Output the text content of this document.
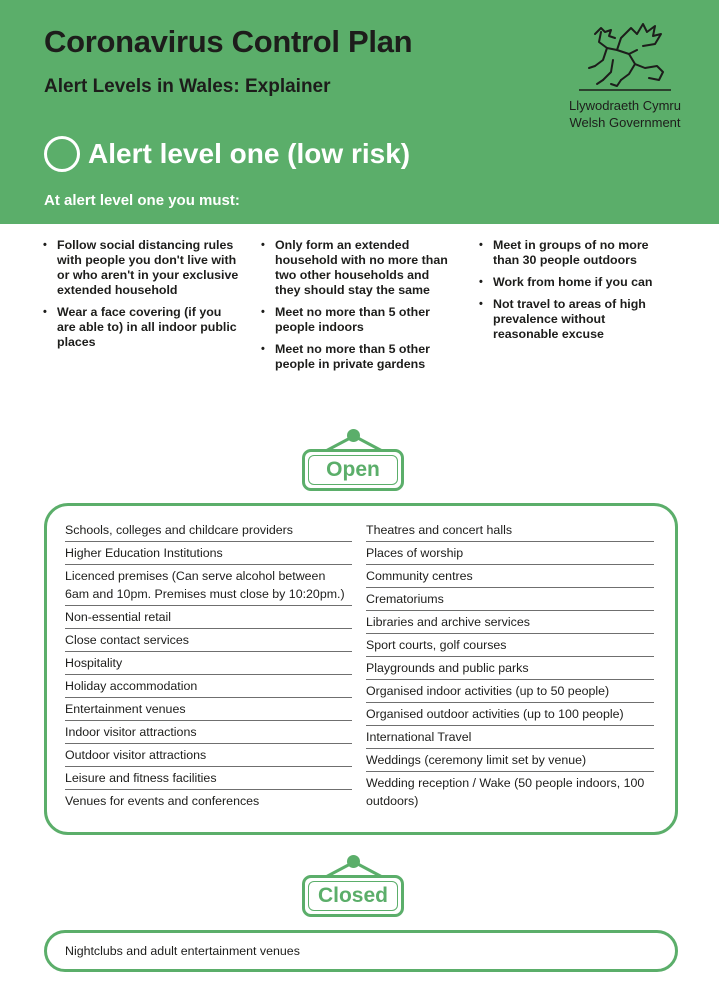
Coronavirus Control Plan
Alert Levels in Wales: Explainer
Llywodraeth Cymru
Welsh Government
Alert level one (low risk)
At alert level one you must:
• Follow social distancing rules with people you don't live with or who aren't in your exclusive extended household
• Wear a face covering (if you are able to) in all indoor public places
• Only form an extended household with no more than two other households and they should stay the same
• Meet no more than 5 other people indoors
• Meet no more than 5 other people in private gardens
• Meet in groups of no more than 30 people outdoors
• Work from home if you can
• Not travel to areas of high prevalence without reasonable excuse
Open
Schools, colleges and childcare providers
Higher Education Institutions
Licenced premises (Can serve alcohol between 6am and 10pm. Premises must close by 10:20pm.)
Non-essential retail
Close contact services
Hospitality
Holiday accommodation
Entertainment venues
Indoor visitor attractions
Outdoor visitor attractions
Leisure and fitness facilities
Venues for events and conferences
Theatres and concert halls
Places of worship
Community centres
Crematoriums
Libraries and archive services
Sport courts, golf courses
Playgrounds and public parks
Organised indoor activities (up to 50 people)
Organised outdoor activities (up to 100 people)
International Travel
Weddings (ceremony limit set by venue)
Wedding reception / Wake (50 people indoors, 100 outdoors)
Closed
Nightclubs and adult entertainment venues
